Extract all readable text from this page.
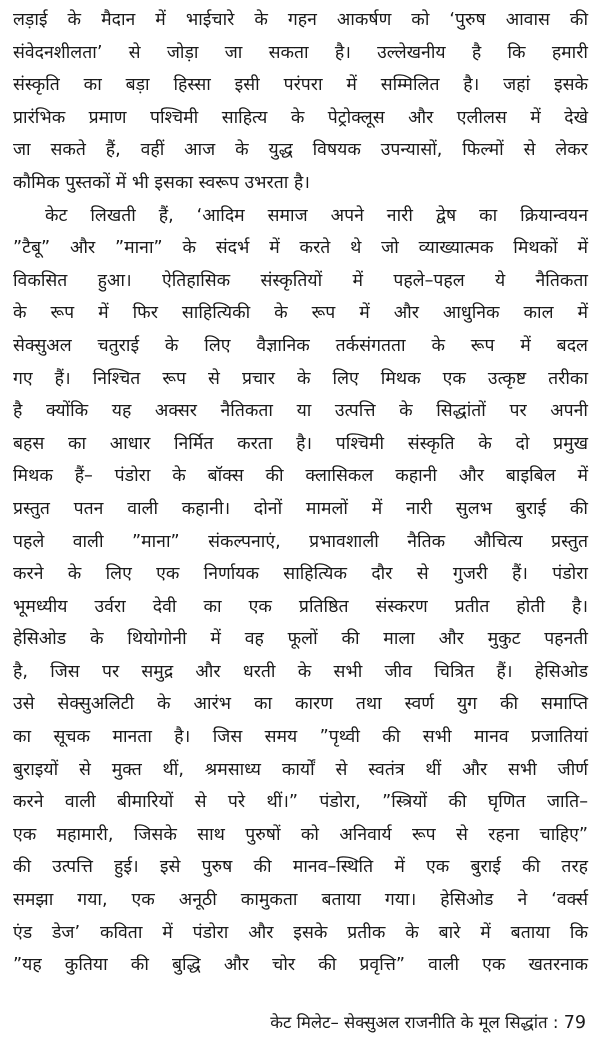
लड़ाई के मैदान में भाईचारे के गहन आकर्षण को ‘पुरुष आवास की
संवेदनशीलता’ से जोड़ा जा सकता है। उल्लेखनीय है कि हमारी
संस्कृति का बड़ा हिस्सा इसी परंपरा में सम्मिलित है। जहां इसके
प्रारंभिक प्रमाण पश्चिमी साहित्य के पेट्रोक्लूस और एलीलस में देखे
जा सकते हैं, वहीं आज के युद्ध विषयक उपन्यासों, फिल्मों से लेकर
कौमिक पुस्तकों में भी इसका स्वरूप उभरता है।
केट लिखती हैं, ‘आदिम समाज अपने नारी द्वेष का क्रियान्वयन
”टैबू” और ”माना” के संदर्भ में करते थे जो व्याख्यात्मक मिथकों में
विकसित हुआ। ऐतिहासिक संस्कृतियों में पहले–पहल ये नैतिकता
के रूप में फिर साहित्यिकी के रूप में और आधुनिक काल में
सेक्सुअल चतुराई के लिए वैज्ञानिक तर्कसंगतता के रूप में बदल
गए हैं। निश्चित रूप से प्रचार के लिए मिथक एक उत्कृष्ट तरीका
है क्योंकि यह अक्सर नैतिकता या उत्पत्ति के सिद्धांतों पर अपनी
बहस का आधार निर्मित करता है। पश्चिमी संस्कृति के दो प्रमुख
मिथक हैं– पंडोरा के बॉक्स की क्लासिकल कहानी और बाइबिल में
प्रस्तुत पतन वाली कहानी। दोनों मामलों में नारी सुलभ बुराई की
पहले वाली ”माना” संकल्पनाएं, प्रभावशाली नैतिक औचित्य प्रस्तुत
करने के लिए एक निर्णायक साहित्यिक दौर से गुजरी हैं। पंडोरा
भूमध्यीय उर्वरा देवी का एक प्रतिष्ठित संस्करण प्रतीत होती है।
हेसिओड के थियोगोनी में वह फूलों की माला और मुकुट पहनती
है, जिस पर समुद्र और धरती के सभी जीव चित्रित हैं। हेसिओड
उसे सेक्सुअलिटी के आरंभ का कारण तथा स्वर्ण युग की समाप्ति
का सूचक मानता है। जिस समय ”पृथ्वी की सभी मानव प्रजातियां
बुराइयों से मुक्त थीं, श्रमसाध्य कार्यों से स्वतंत्र थीं और सभी जीर्ण
करने वाली बीमारियों से परे थीं।” पंडोरा, ”स्त्रियों की घृणित जाति–
एक महामारी, जिसके साथ पुरुषों को अनिवार्य रूप से रहना चाहिए”
की उत्पत्ति हुई। इसे पुरुष की मानव–स्थिति में एक बुराई की तरह
समझा गया, एक अनूठी कामुकता बताया गया। हेसिओड ने ‘वर्क्स
एंड डेज’ कविता में पंडोरा और इसके प्रतीक के बारे में बताया कि
”यह कुतिया की बुद्धि और चोर की प्रवृत्ति” वाली एक खतरनाक
केट मिलेट– सेक्सुअल राजनीति के मूल सिद्धांत : 79
